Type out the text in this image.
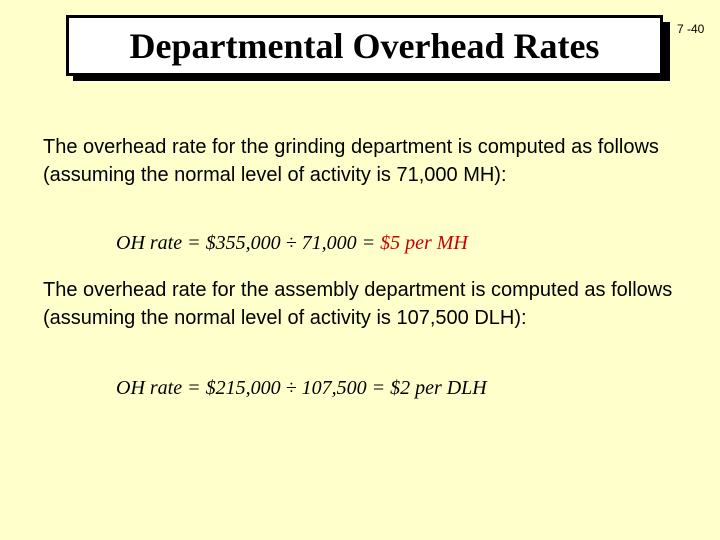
Departmental Overhead Rates	7 -40
The overhead rate for the grinding department is computed as follows (assuming the normal level of activity is 71,000 MH):
OH rate = $355,000 ÷ 71,000 = $5 per MH
The overhead rate for the assembly department is computed as follows (assuming the normal level of activity is 107,500 DLH):
OH rate = $215,000 ÷ 107,500 = $2 per DLH
